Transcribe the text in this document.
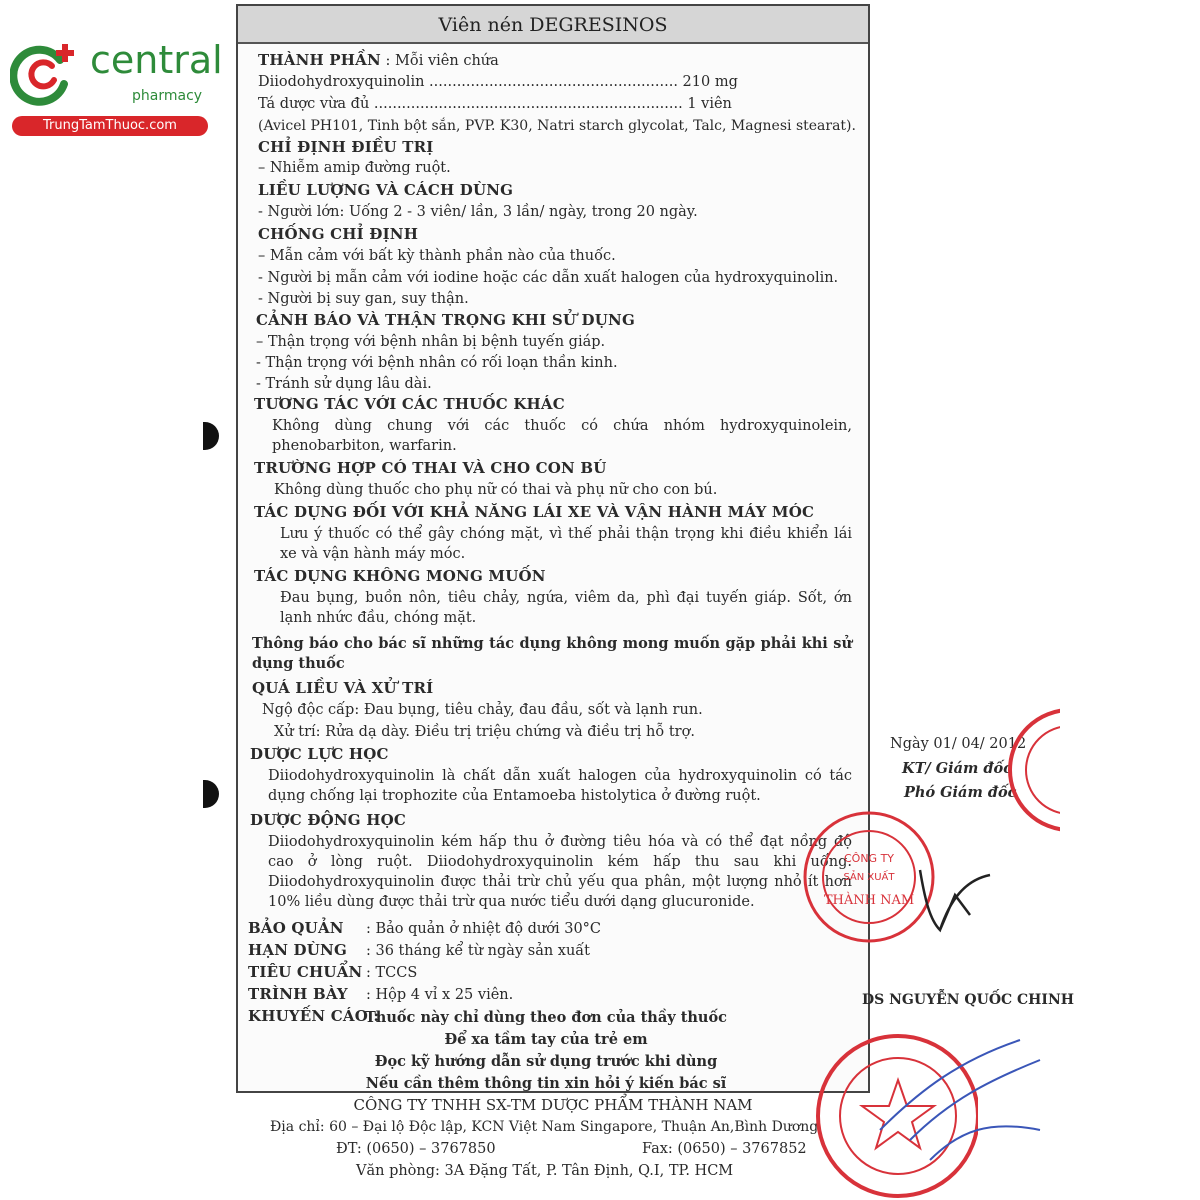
central
pharmacy
TrungTamThuoc.com
Viên nén DEGRESINOS
THÀNH PHẦN : Mỗi viên chứa
Diiodohydroxyquinolin ...................................................... 210 mg
Tá dược vừa đủ ................................................................... 1 viên
(Avicel PH101, Tinh bột sắn, PVP. K30, Natri starch glycolat, Talc, Magnesi stearat).
CHỈ ĐỊNH ĐIỀU TRỊ
– Nhiễm amip đường ruột.
LIỀU LƯỢNG VÀ CÁCH DÙNG
- Người lớn: Uống 2 - 3 viên/ lần, 3 lần/ ngày, trong 20 ngày.
CHỐNG CHỈ ĐỊNH
– Mẫn cảm với bất kỳ thành phần nào của thuốc.
- Người bị mẫn cảm với iodine hoặc các dẫn xuất halogen của hydroxyquinolin.
- Người bị suy gan, suy thận.
CẢNH BÁO VÀ THẬN TRỌNG KHI SỬ DỤNG
– Thận trọng với bệnh nhân bị bệnh tuyến giáp.
- Thận trọng với bệnh nhân có rối loạn thần kinh.
- Tránh sử dụng lâu dài.
TƯƠNG TÁC VỚI CÁC THUỐC KHÁC
Không dùng chung với các thuốc có chứa nhóm hydroxyquinolein, phenobarbiton, warfarin.
TRƯỜNG HỢP CÓ THAI VÀ CHO CON BÚ
Không dùng thuốc cho phụ nữ có thai và phụ nữ cho con bú.
TÁC DỤNG ĐỐI VỚI KHẢ NĂNG LÁI XE VÀ VẬN HÀNH MÁY MÓC
Lưu ý thuốc có thể gây chóng mặt, vì thế phải thận trọng khi điều khiển lái xe và vận hành máy móc.
TÁC DỤNG KHÔNG MONG MUỐN
Đau bụng, buồn nôn, tiêu chảy, ngứa, viêm da, phì đại tuyến giáp. Sốt, ớn lạnh nhức đầu, chóng mặt.
Thông báo cho bác sĩ những tác dụng không mong muốn gặp phải khi sử dụng thuốc
QUÁ LIỀU VÀ XỬ TRÍ
Ngộ độc cấp: Đau bụng, tiêu chảy, đau đầu, sốt và lạnh run.
Xử trí: Rửa dạ dày. Điều trị triệu chứng và điều trị hỗ trợ.
DƯỢC LỰC HỌC
Diiodohydroxyquinolin là chất dẫn xuất halogen của hydroxyquinolin có tác dụng chống lại trophozite của Entamoeba histolytica ở đường ruột.
DƯỢC ĐỘNG HỌC
Diiodohydroxyquinolin kém hấp thu ở đường tiêu hóa và có thể đạt nồng độ cao ở lòng ruột. Diiodohydroxyquinolin kém hấp thu sau khi uống. Diiodohydroxyquinolin được thải trừ chủ yếu qua phân, một lượng nhỏ ít hơn 10% liều dùng được thải trừ qua nước tiểu dưới dạng glucuronide.
BẢO QUẢN : Bảo quản ở nhiệt độ dưới 30°C
HẠN DÙNG : 36 tháng kể từ ngày sản xuất
TIÊU CHUẨN : TCCS
TRÌNH BÀY : Hộp 4 vỉ x 25 viên.
KHUYẾN CÁO :
Thuốc này chỉ dùng theo đơn của thầy thuốc
Để xa tầm tay của trẻ em
Đọc kỹ hướng dẫn sử dụng trước khi dùng
Nếu cần thêm thông tin xin hỏi ý kiến bác sĩ
CÔNG TY TNHH SX-TM DƯỢC PHẨM THÀNH NAM
Địa chỉ: 60 – Đại lộ Độc lập, KCN Việt Nam Singapore, Thuận An,Bình Dương
ĐT: (0650) – 3767850	Fax: (0650) – 3767852
Văn phòng: 3A Đặng Tất, P. Tân Định, Q.I, TP. HCM
Ngày 01/ 04/ 2012
KT/ Giám đốc
Phó Giám đốc
DS NGUYỄN QUỐC CHINH
CÔNG TY
SẢN XUẤT
THÀNH NAM
